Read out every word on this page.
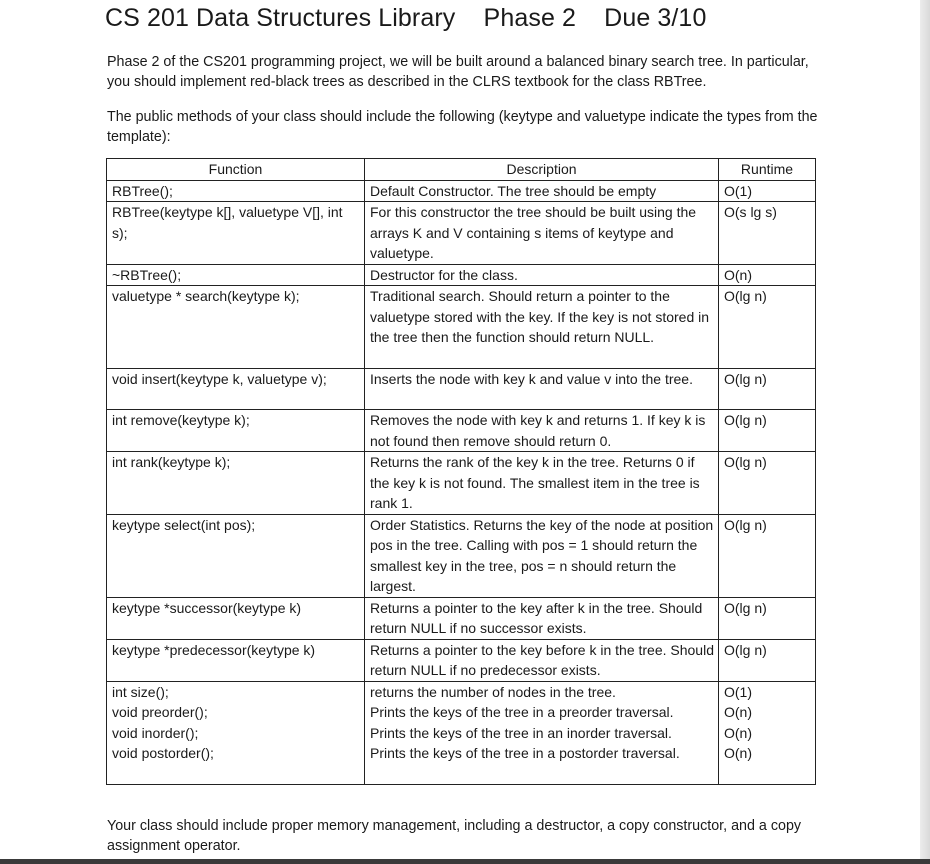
CS 201 Data Structures Library    Phase 2    Due 3/10

Phase 2 of the CS201 programming project, we will be built around a balanced binary search tree. In particular, you should implement red-black trees as described in the CLRS textbook for the class RBTree.

The public methods of your class should include the following (keytype and valuetype indicate the types from the template):

Function	Description	Runtime
RBTree();	Default Constructor. The tree should be empty	O(1)
RBTree(keytype k[], valuetype V[], int s);	For this constructor the tree should be built using the arrays K and V containing s items of keytype and valuetype.	O(s lg s)
~RBTree();	Destructor for the class.	O(n)
valuetype * search(keytype k);	Traditional search. Should return a pointer to the valuetype stored with the key. If the key is not stored in the tree then the function should return NULL.	O(lg n)
void insert(keytype k, valuetype v);	Inserts the node with key k and value v into the tree.	O(lg n)
int remove(keytype k);	Removes the node with key k and returns 1. If key k is not found then remove should return 0.	O(lg n)
int rank(keytype k);	Returns the rank of the key k in the tree. Returns 0 if the key k is not found. The smallest item in the tree is rank 1.	O(lg n)
keytype select(int pos);	Order Statistics. Returns the key of the node at position pos in the tree. Calling with pos = 1 should return the smallest key in the tree, pos = n should return the largest.	O(lg n)
keytype *successor(keytype k)	Returns a pointer to the key after k in the tree. Should return NULL if no successor exists.	O(lg n)
keytype *predecessor(keytype k)	Returns a pointer to the key before k in the tree. Should return NULL if no predecessor exists.	O(lg n)
int size();	returns the number of nodes in the tree.	O(1)
void preorder();	Prints the keys of the tree in a preorder traversal.	O(n)
void inorder();	Prints the keys of the tree in an inorder traversal.	O(n)
void postorder();	Prints the keys of the tree in a postorder traversal.	O(n)

Your class should include proper memory management, including a destructor, a copy constructor, and a copy assignment operator.
